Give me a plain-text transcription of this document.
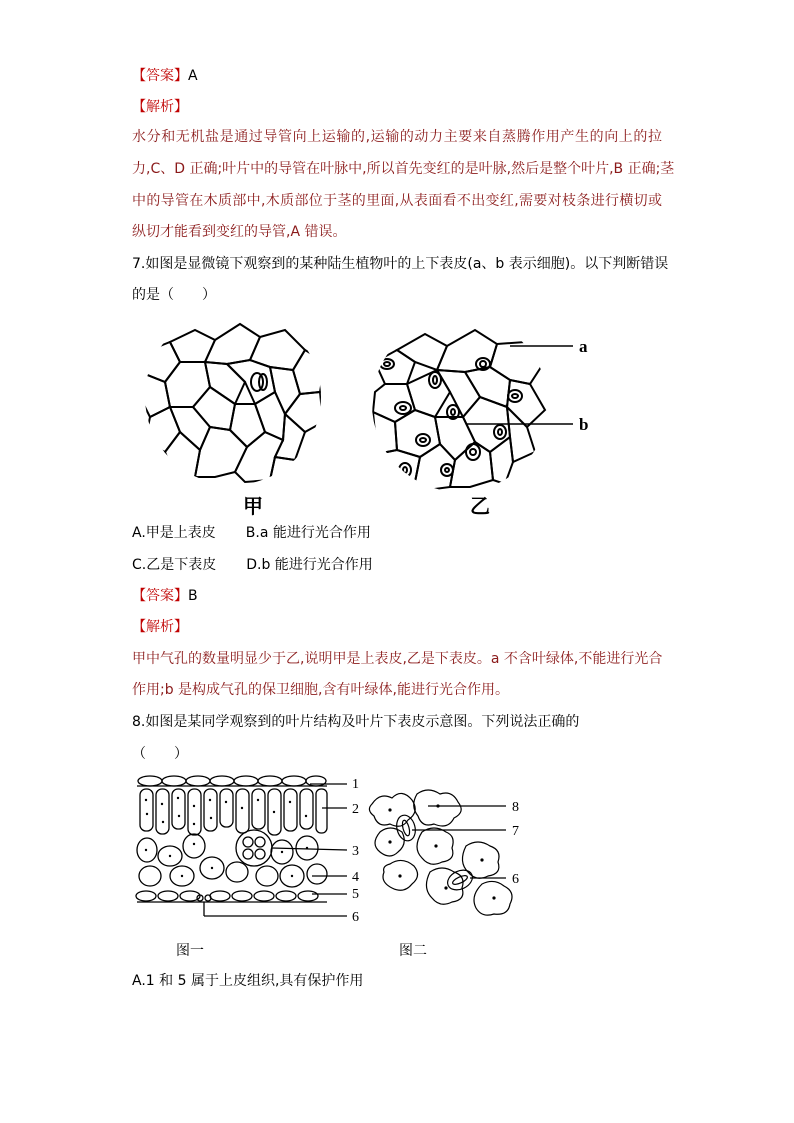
【答案】A
【解析】
水分和无机盐是通过导管向上运输的,运输的动力主要来自蒸腾作用产生的向上的拉
力,C、D 正确;叶片中的导管在叶脉中,所以首先变红的是叶脉,然后是整个叶片,B 正确;茎
中的导管在木质部中,木质部位于茎的里面,从表面看不出变红,需要对枝条进行横切或
纵切才能看到变红的导管,A 错误。
7.如图是显微镜下观察到的某种陆生植物叶的上下表皮(a、b 表示细胞)。以下判断错误
的是（　　）
a
b
甲	乙
A.甲是上表皮 B.a 能进行光合作用
C.乙是下表皮 D.b 能进行光合作用
【答案】B
【解析】
甲中气孔的数量明显少于乙,说明甲是上表皮,乙是下表皮。a 不含叶绿体,不能进行光合
作用;b 是构成气孔的保卫细胞,含有叶绿体,能进行光合作用。
8.如图是某同学观察到的叶片结构及叶片下表皮示意图。下列说法正确的
（　　）
1
2
3
4
5
6
8
7
6
图一	图二
A.1 和 5 属于上皮组织,具有保护作用
